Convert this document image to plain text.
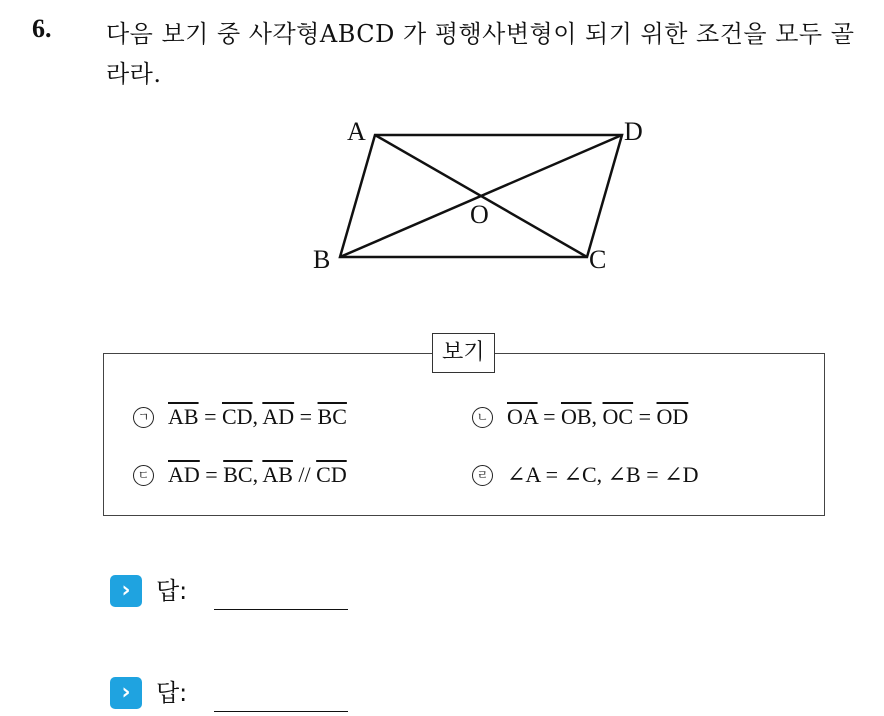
6. 다음 보기 중 사각형ABCD 가 평행사변형이 되기 위한 조건을 모두 골라라.
A	D
B	C
O
보기
ㄱ $\overline{AB} = \overline{CD}$, $\overline{AD} = \overline{BC}$	ㄴ $\overline{OA} = \overline{OB}$, $\overline{OC} = \overline{OD}$
ㄷ $\overline{AD} = \overline{BC}$, $\overline{AB} // \overline{CD}$	ㄹ ∠A = ∠C, ∠B = ∠D
›	답:
›	답:
